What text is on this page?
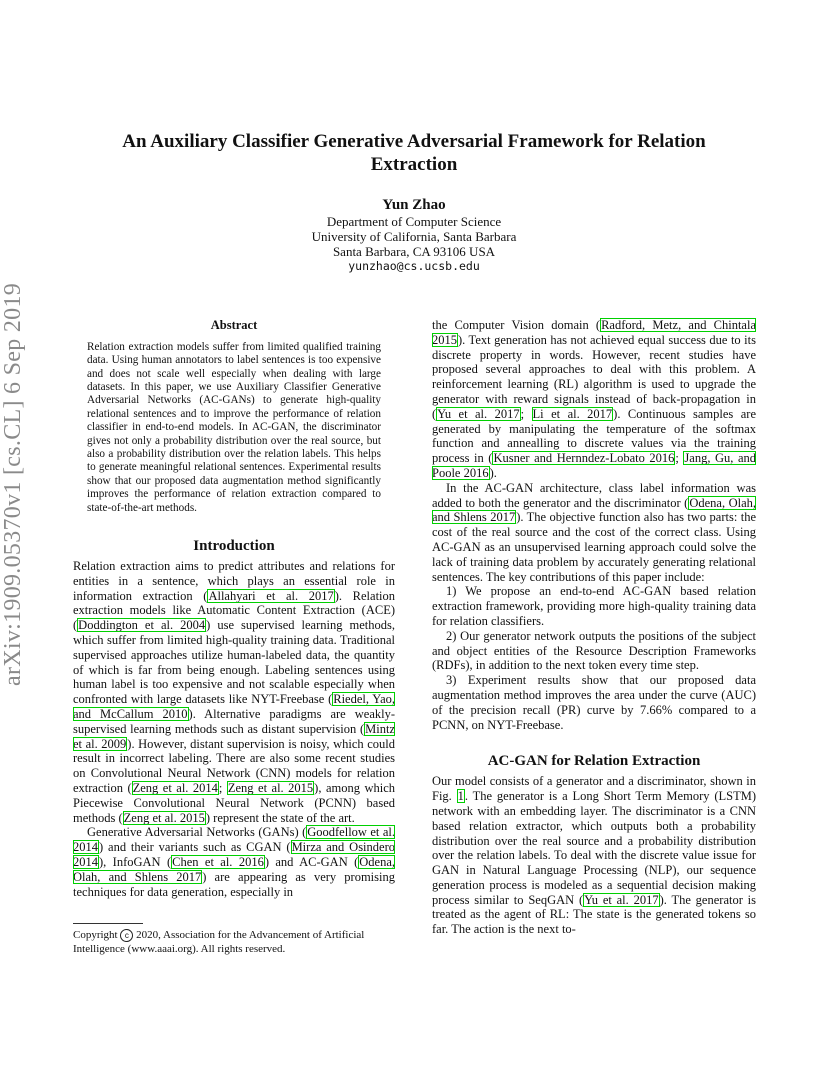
arXiv:1909.05370v1 [cs.CL] 6 Sep 2019
An Auxiliary Classifier Generative Adversarial Framework for Relation
Extraction
Yun Zhao
Department of Computer Science
University of California, Santa Barbara
Santa Barbara, CA 93106 USA
yunzhao@cs.ucsb.edu
Abstract
Relation extraction models suffer from limited qualified training data. Using human annotators to label sentences is too expensive and does not scale well especially when dealing with large datasets. In this paper, we use Auxiliary Classifier Generative Adversarial Networks (AC-GANs) to generate high-quality relational sentences and to improve the performance of relation classifier in end-to-end models. In AC-GAN, the discriminator gives not only a probability distribution over the real source, but also a probability distribution over the relation labels. This helps to generate meaningful relational sentences. Experimental results show that our proposed data augmentation method significantly improves the performance of relation extraction compared to state-of-the-art methods.
Introduction

Relation extraction aims to predict attributes and relations for entities in a sentence, which plays an essential role in information extraction (Allahyari et al. 2017). Relation extraction models like Automatic Content Extraction (ACE) (Doddington et al. 2004) use supervised learning methods, which suffer from limited high-quality training data. Traditional supervised approaches utilize human-labeled data, the quantity of which is far from being enough. Labeling sentences using human label is too expensive and not scalable especially when confronted with large datasets like NYT-Freebase (Riedel, Yao, and McCallum 2010). Alternative paradigms are weakly-supervised learning methods such as distant supervision (Mintz et al. 2009). However, distant supervision is noisy, which could result in incorrect labeling. There are also some recent studies on Convolutional Neural Network (CNN) models for relation extraction (Zeng et al. 2014; Zeng et al. 2015), among which Piecewise Convolutional Neural Network (PCNN) based methods (Zeng et al. 2015) represent the state of the art.

Generative Adversarial Networks (GANs) (Goodfellow et al. 2014) and their variants such as CGAN (Mirza and Osindero 2014), InfoGAN (Chen et al. 2016) and AC-GAN (Odena, Olah, and Shlens 2017) are appearing as very promising techniques for data generation, especially in

Copyright c 2020, Association for the Advancement of Artificial Intelligence (www.aaai.org). All rights reserved.

the Computer Vision domain (Radford, Metz, and Chintala 2015). Text generation has not achieved equal success due to its discrete property in words. However, recent studies have proposed several approaches to deal with this problem. A reinforcement learning (RL) algorithm is used to upgrade the generator with reward signals instead of back-propagation in (Yu et al. 2017; Li et al. 2017). Continuous samples are generated by manipulating the temperature of the softmax function and annealling to discrete values via the training process in (Kusner and Hernndez-Lobato 2016; Jang, Gu, and Poole 2016).

In the AC-GAN architecture, class label information was added to both the generator and the discriminator (Odena, Olah, and Shlens 2017). The objective function also has two parts: the cost of the real source and the cost of the correct class. Using AC-GAN as an unsupervised learning approach could solve the lack of training data problem by accurately generating relational sentences. The key contributions of this paper include:

1) We propose an end-to-end AC-GAN based relation extraction framework, providing more high-quality training data for relation classifiers.

2) Our generator network outputs the positions of the subject and object entities of the Resource Description Frameworks (RDFs), in addition to the next token every time step.

3) Experiment results show that our proposed data augmentation method improves the area under the curve (AUC) of the precision recall (PR) curve by 7.66% compared to a PCNN, on NYT-Freebase.

AC-GAN for Relation Extraction

Our model consists of a generator and a discriminator, shown in Fig. 1. The generator is a Long Short Term Memory (LSTM) network with an embedding layer. The discriminator is a CNN based relation extractor, which outputs both a probability distribution over the real source and a probability distribution over the relation labels. To deal with the discrete value issue for GAN in Natural Language Processing (NLP), our sequence generation process is modeled as a sequential decision making process similar to SeqGAN (Yu et al. 2017). The generator is treated as the agent of RL: The state is the generated tokens so far. The action is the next to-
